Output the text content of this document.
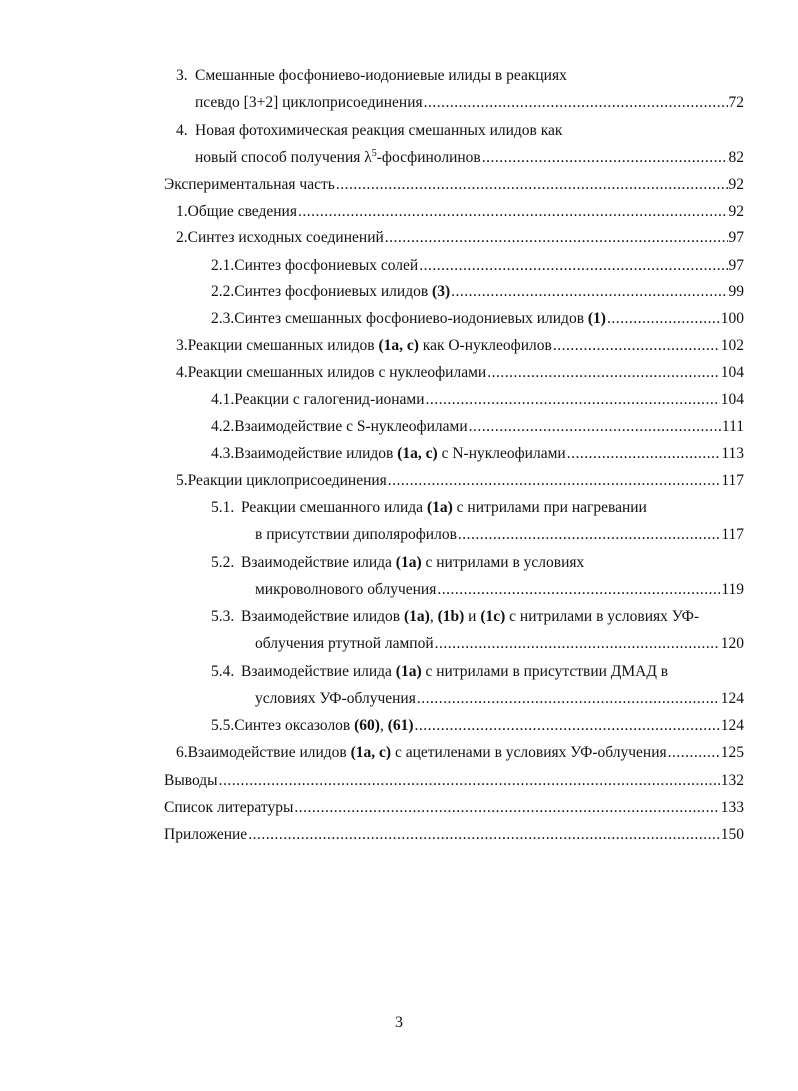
3. Смешанные фосфониево-иодониевые илиды в реакциях
псевдо [3+2] циклоприсоединения .....	72
4. Новая фотохимическая реакция смешанных илидов как
новый способ получения $\lambda^5$-фосфинолинов .....	82
Экспериментальная часть .....	92
1. Общие сведения .....	92
2. Синтез исходных соединений .....	97
2.1. Синтез фосфониевых солей .....	97
2.2. Синтез фосфониевых илидов (3) .....	99
2.3. Синтез смешанных фосфониево-иодониевых илидов (1) .....	100
3. Реакции смешанных илидов (1a, c) как O-нуклеофилов .....	102
4. Реакции смешанных илидов с нуклеофилами .....	104
4.1. Реакции с галогенид-ионами .....	104
4.2. Взаимодействие с S-нуклеофилами .....	111
4.3. Взаимодействие илидов (1a, c) с N-нуклеофилами .....	113
5. Реакции циклоприсоединения .....	117
5.1. Реакции смешанного илида (1a) с нитрилами при нагревании
в присутствии диполярофилов .....	117
5.2. Взаимодействие илида (1a) с нитрилами в условиях
микроволнового облучения .....	119
5.3. Взаимодействие илидов (1a), (1b) и (1c) с нитрилами в условиях УФ-
облучения ртутной лампой .....	120
5.4. Взаимодействие илида (1a) с нитрилами в присутствии ДМАД в
условиях УФ-облучения .....	124
5.5. Синтез оксазолов (60), (61) .....	124
6. Взаимодействие илидов (1a, c) с ацетиленами в условиях УФ-облучения .....	125
Выводы .....	132
Список литературы .....	133
Приложение .....	150
3
